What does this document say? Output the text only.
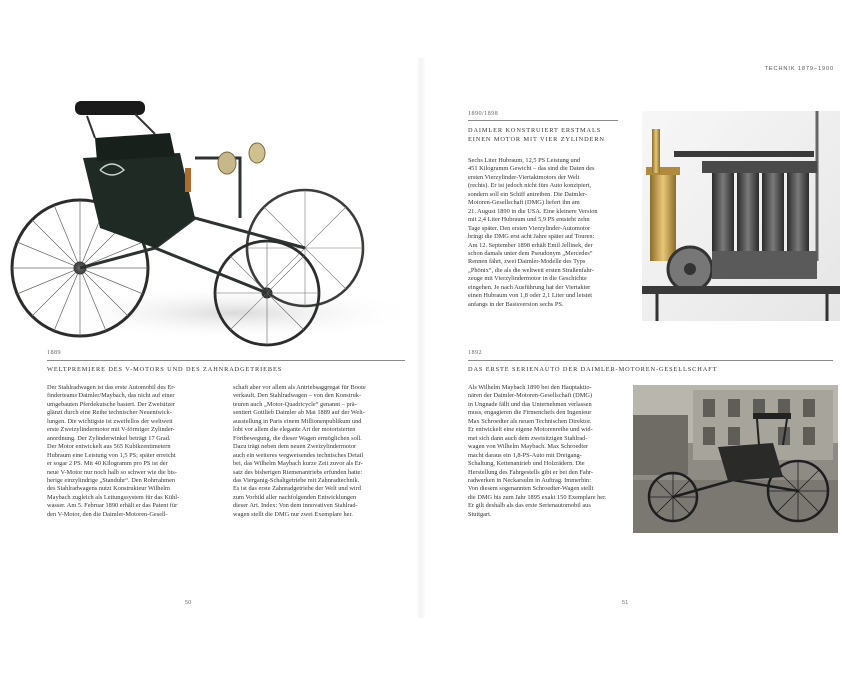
TECHNIK 1879–1900
1889
WELTPREMIERE DES V-MOTORS UND DES ZAHNRADGETRIEBES

Der Stahlradwagen ist das erste Automobil des Er-
finderteams Daimler/Maybach, das nicht auf einer
umgebauten Pferdekutsche basiert. Der Zweisitzer
glänzt durch eine Reihe technischer Neuentwick-
lungen. Die wichtigste ist zweifellos der weltweit
erste Zweizylindermotor mit V-förmiger Zylinder-
anordnung. Der Zylinderwinkel beträgt 17 Grad.
Der Motor entwickelt aus 565 Kubikzentimetern
Hubraum eine Leistung von 1,5 PS; später erreicht
er sogar 2 PS. Mit 40 Kilogramm pro PS ist der
neue V-Motor nur noch halb so schwer wie die bis-
herige einzylindrige „Standuhr“. Den Rohrrahmen
des Stahlradwagens nutzt Konstrukteur Wilhelm
Maybach zugleich als Leitungssystem für das Kühl-
wasser. Am 5. Februar 1890 erhält er das Patent für
den V-Motor, den die Daimler-Motoren-Gesell-

schaft aber vor allem als Antriebsaggregat für Boote
verkauft. Den Stahlradwagen – von den Konstruk-
teuren auch „Motor-Quadricycle“ genannt – prä-
sentiert Gottlieb Daimler ab Mai 1889 auf der Welt-
ausstellung in Paris einem Millionenpublikum und
lobt vor allem die elegante Art der motorisierten
Fortbewegung, die dieser Wagen ermöglichen soll.
Dazu trägt neben dem neuen Zweizylindermotor
auch ein weiteres wegweisendes technisches Detail
bei, das Wilhelm Maybach kurze Zeit zuvor als Er-
satz des bisherigen Riemenantriebs erfunden hatte:
das Vierganig-Schaltgetriebe mit Zahnradtechnik.
Es ist das erste Zahnradgetriebe der Welt und wird
zum Vorbild aller nachfolgenden Entwicklungen
dieser Art. Index: Von dem innovativen Stahlrad-
wagen stellt die DMG nur zwei Exemplare her.

50
1890/1898
DAIMLER KONSTRUIERT ERSTMALS
EINEN MOTOR MIT VIER ZYLINDERN

Sechs Liter Hubraum, 12,5 PS Leistung und
451 Kilogramm Gewicht – das sind die Daten des
ersten Vierzylinder-Viertaktmotors der Welt
(rechts). Er ist jedoch nicht fürs Auto konzipiert,
sondern soll ein Schiff antreiben. Die Daimler-
Motoren-Gesellschaft (DMG) liefert ihn am
21. August 1890 in die USA. Eine kleinere Version
mit 2,4 Liter Hubraum und 5,9 PS entsteht zehn
Tage später. Den ersten Vierzylinder-Automotor
bringt die DMG erst acht Jahre später auf Touren:
Am 12. September 1898 erhält Emil Jellinek, der
schon damals unter dem Pseudonym „Mercedes“
Rennen fährt, zwei Daimler-Modelle des Typs
„Phönix“, die als die weltweit ersten Straßenfahr-
zeuge mit Vierzylindermotor in die Geschichte
eingehen. Je nach Ausführung hat der Viertakter
einen Hubraum von 1,8 oder 2,1 Liter und leistet
anfangs in der Basisversion sechs PS.

1892
DAS ERSTE SERIENAUTO DER DAIMLER-MOTOREN-GESELLSCHAFT

Als Wilhelm Maybach 1890 bei den Hauptaktio-
nären der Daimler-Motoren-Gesellschaft (DMG)
in Ungnade fällt und das Unternehmen verlassen
muss, engagieren die Firmenchefs den Ingenieur
Max Schroedter als neuen Technischen Direktor.
Er entwickelt eine eigene Motorenreihe und wid-
met sich dann auch dem zweisitzigen Stahlrad-
wagen von Wilhelm Maybach. Max Schroedter
macht daraus ein 1,8-PS-Auto mit Dreigang-
Schaltung, Kettenantrieb und Holzrädern. Die
Herstellung des Fahrgestells gibt er bei den Fahr-
radwerken in Neckarsulm in Auftrag. Immerhin:
Von diesem sogenannten Schroedter-Wagen stellt
die DMG bis zum Jahr 1895 exakt 150 Exemplare her.
Er gilt deshalb als das erste Serienautomobil aus
Stuttgart.

51
